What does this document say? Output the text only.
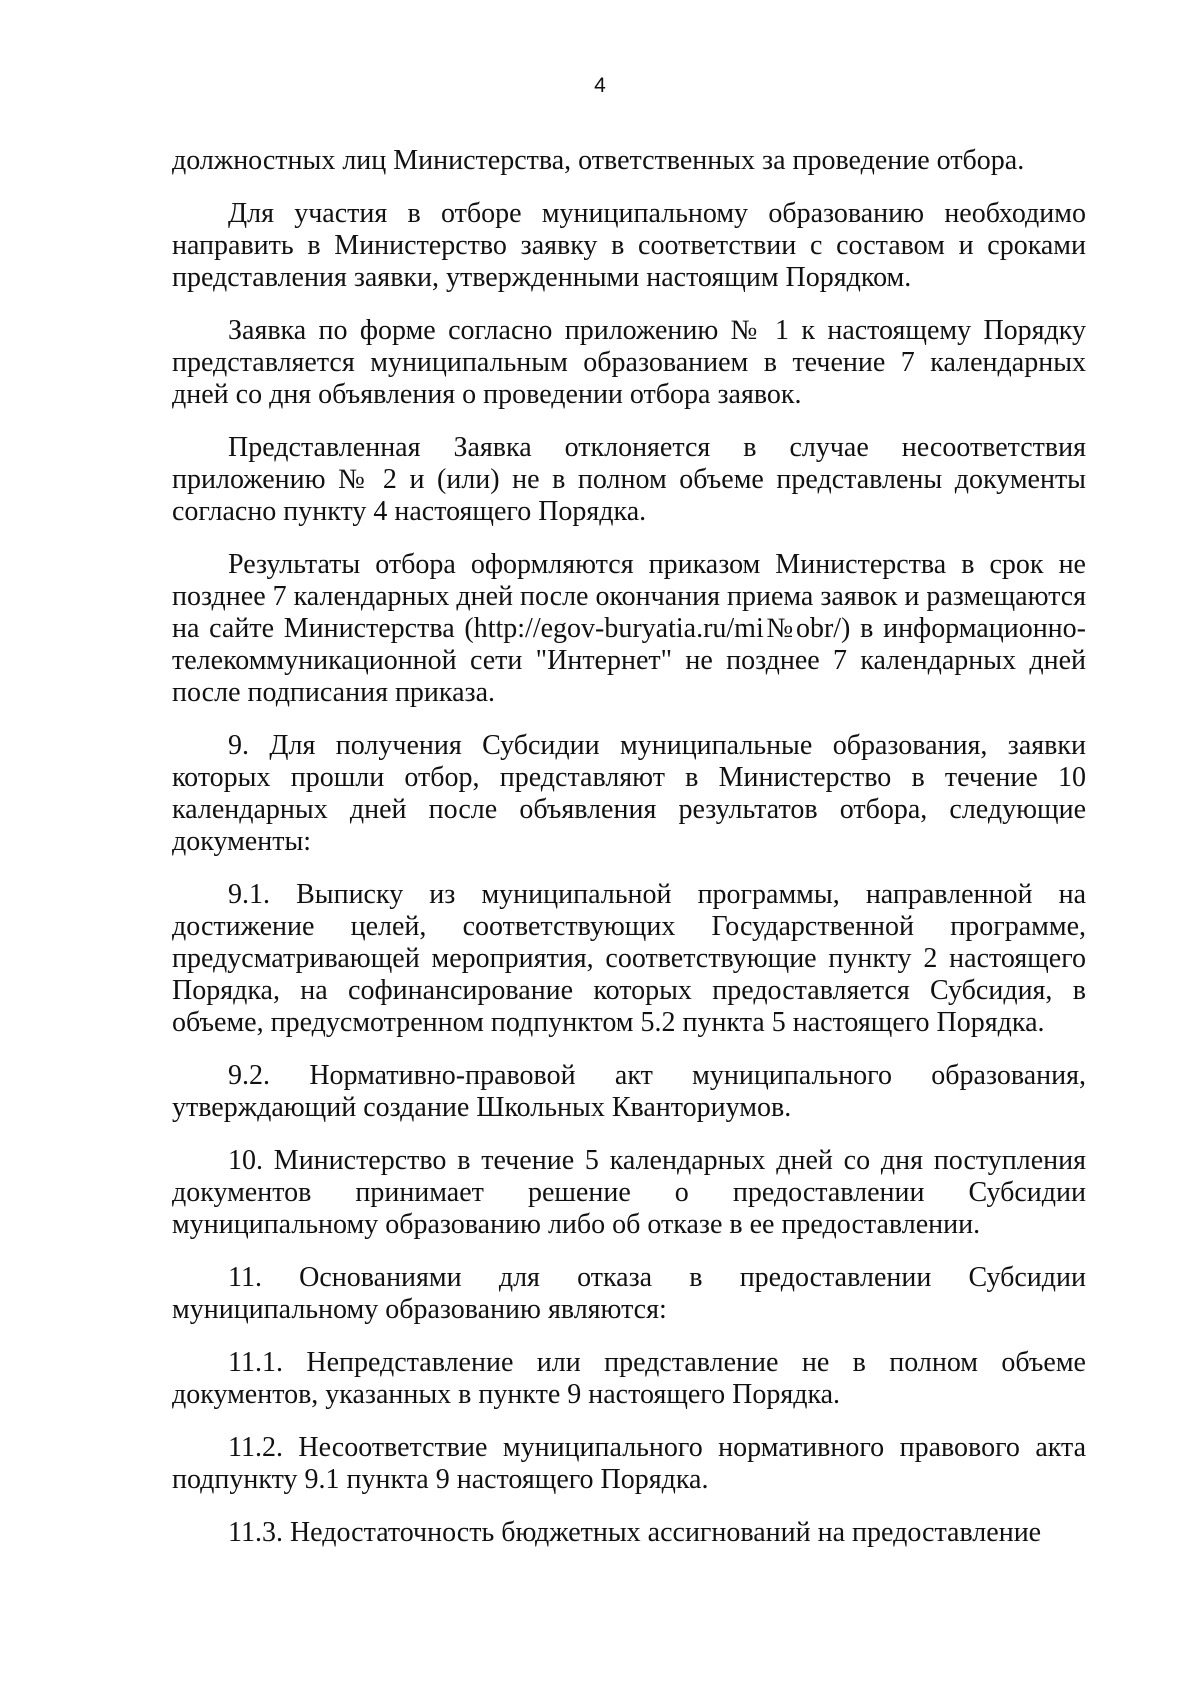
4

должностных лиц Министерства, ответственных за проведение отбора.

Для участия в отборе муниципальному образованию необходимо направить в Министерство заявку в соответствии с составом и сроками представления заявки, утвержденными настоящим Порядком.

Заявка по форме согласно приложению № 1 к настоящему Порядку представляется муниципальным образованием в течение 7 календарных дней со дня объявления о проведении отбора заявок.

Представленная Заявка отклоняется в случае несоответствия приложению № 2 и (или) не в полном объеме представлены документы согласно пункту 4 настоящего Порядка.

Результаты отбора оформляются приказом Министерства в срок не позднее 7 календарных дней после окончания приема заявок и размещаются на сайте Министерства (http://egov-buryatia.ru/mi№obr/) в информационно-телекоммуникационной сети "Интернет" не позднее 7 календарных дней после подписания приказа.

9. Для получения Субсидии муниципальные образования, заявки которых прошли отбор, представляют в Министерство в течение 10 календарных дней после объявления результатов отбора, следующие документы:

9.1. Выписку из муниципальной программы, направленной на достижение целей, соответствующих Государственной программе, предусматривающей мероприятия, соответствующие пункту 2 настоящего Порядка, на софинансирование которых предоставляется Субсидия, в объеме, предусмотренном подпунктом 5.2 пункта 5 настоящего Порядка.

9.2. Нормативно-правовой акт муниципального образования, утверждающий создание Школьных Кванториумов.

10. Министерство в течение 5 календарных дней со дня поступления документов принимает решение о предоставлении Субсидии муниципальному образованию либо об отказе в ее предоставлении.

11. Основаниями для отказа в предоставлении Субсидии муниципальному образованию являются:

11.1. Непредставление или представление не в полном объеме документов, указанных в пункте 9 настоящего Порядка.

11.2. Несоответствие муниципального нормативного правового акта подпункту 9.1 пункта 9 настоящего Порядка.

11.3. Недостаточность бюджетных ассигнований на предоставление
